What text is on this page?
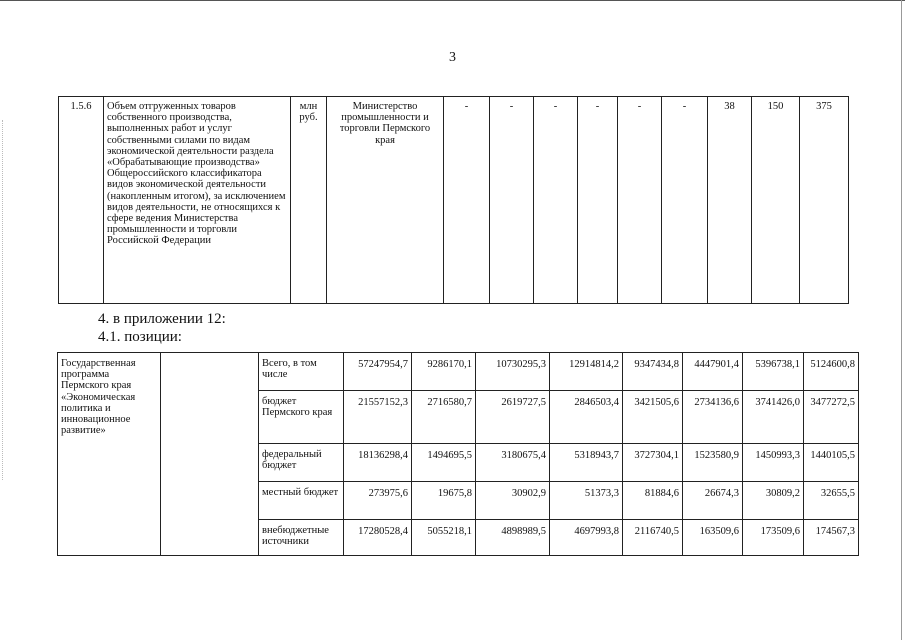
3
1.5.6	Объем отгруженных товаров собственного производства, выполненных работ и услуг собственными силами по видам экономической деятельности раздела «Обрабатывающие производства» Общероссийского классификатора видов экономической деятельности (накопленным итогом), за исключением видов деятельности, не относящихся к сфере ведения Министерства промышленности и торговли Российской Федерации	млн руб.	Министерство промышленности и торговли Пермского края	-	-	-	-	-	-	38	150	375
4. в приложении 12:
4.1. позиции:
Государственная программа Пермского края «Экономическая политика и инновационное развитие»		Всего, в том числе	57247954,7	9286170,1	10730295,3	12914814,2	9347434,8	4447901,4	5396738,1	5124600,8
		бюджет Пермского края	21557152,3	2716580,7	2619727,5	2846503,4	3421505,6	2734136,6	3741426,0	3477272,5
		федеральный бюджет	18136298,4	1494695,5	3180675,4	5318943,7	3727304,1	1523580,9	1450993,3	1440105,5
		местный бюджет	273975,6	19675,8	30902,9	51373,3	81884,6	26674,3	30809,2	32655,5
		внебюджетные источники	17280528,4	5055218,1	4898989,5	4697993,8	2116740,5	163509,6	173509,6	174567,3
